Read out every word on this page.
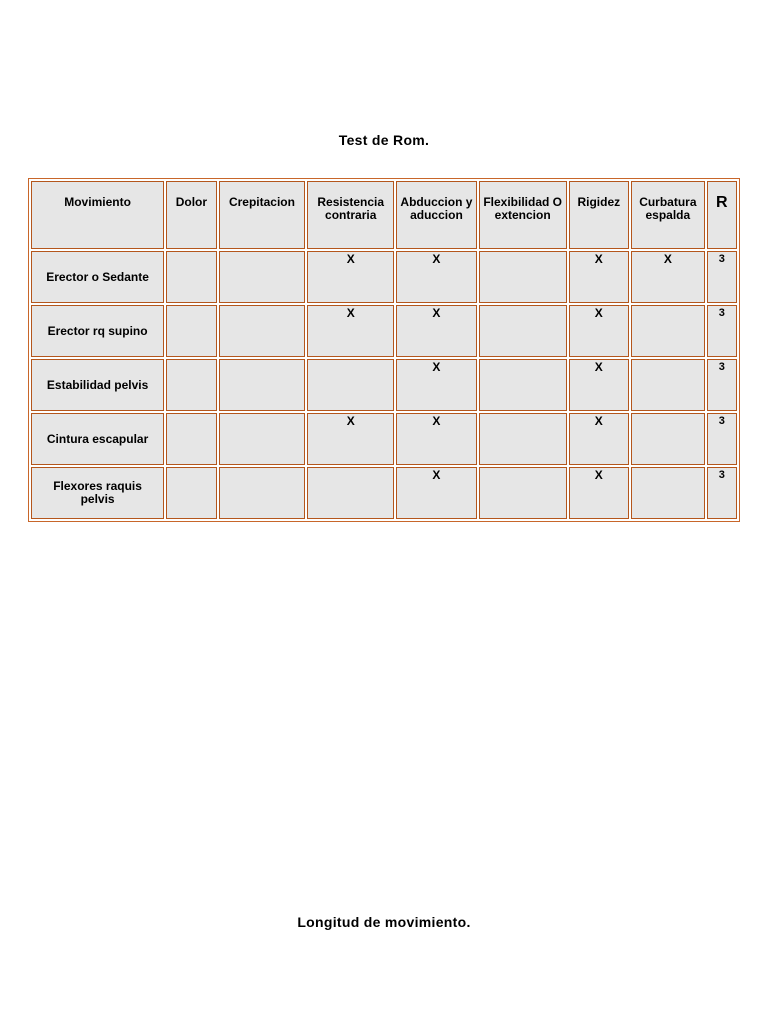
Test de Rom.
Movimiento	Dolor	Crepitacion	Resistencia contraria	Abduccion y aduccion	Flexibilidad O extencion	Rigidez	Curbatura espalda	R
Erector o Sedante			X	X		X	X	3
Erector rq supino			X	X		X		3
Estabilidad pelvis				X		X		3
Cintura escapular			X	X		X		3
Flexores raquis pelvis				X		X		3
Longitud de movimiento.
